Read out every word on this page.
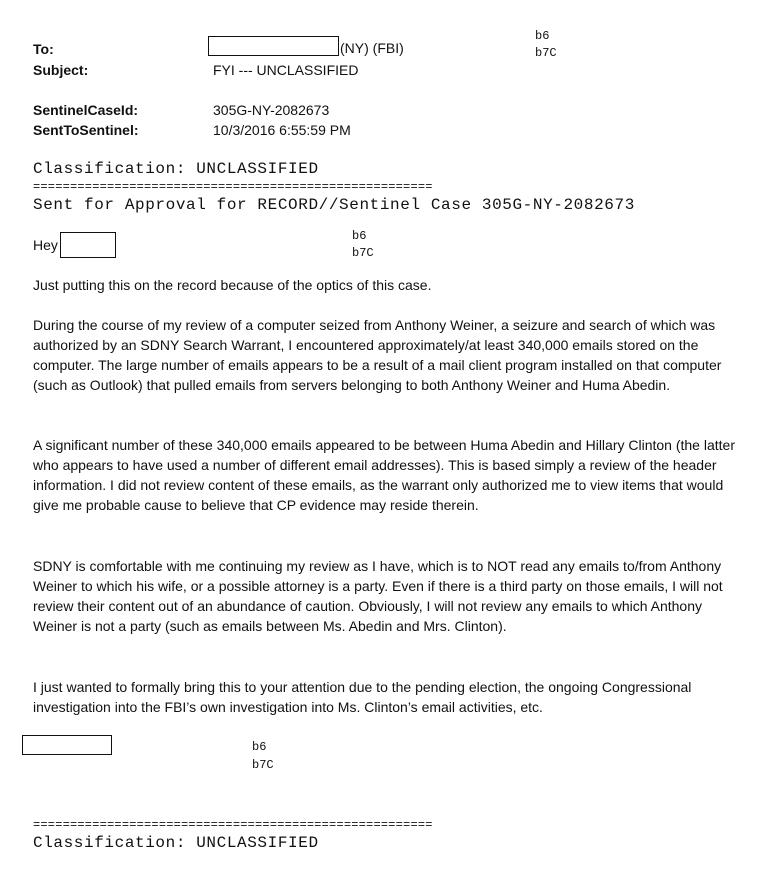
To:	(NY) (FBI)
b6
b7C
Subject:	FYI --- UNCLASSIFIED
SentinelCaseId:	305G-NY-2082673
SentToSentinel:	10/3/2016 6:55:59 PM
Classification: UNCLASSIFIED
======================================================
Sent for Approval for RECORD//Sentinel Case 305G-NY-2082673
Hey
b6
b7C

Just putting this on the record because of the optics of this case.

During the course of my review of a computer seized from Anthony Weiner, a seizure and search of which was authorized by an SDNY Search Warrant, I encountered approximately/at least 340,000 emails stored on the computer. The large number of emails appears to be a result of a mail client program installed on that computer (such as Outlook) that pulled emails from servers belonging to both Anthony Weiner and Huma Abedin.

A significant number of these 340,000 emails appeared to be between Huma Abedin and Hillary Clinton (the latter who appears to have used a number of different email addresses). This is based simply a review of the header information. I did not review content of these emails, as the warrant only authorized me to view items that would give me probable cause to believe that CP evidence may reside therein.

SDNY is comfortable with me continuing my review as I have, which is to NOT read any emails to/from Anthony Weiner to which his wife, or a possible attorney is a party. Even if there is a third party on those emails, I will not review their content out of an abundance of caution. Obviously, I will not review any emails to which Anthony Weiner is not a party (such as emails between Ms. Abedin and Mrs. Clinton).

I just wanted to formally bring this to your attention due to the pending election, the ongoing Congressional investigation into the FBI’s own investigation into Ms. Clinton’s email activities, etc.

b6
b7C
======================================================
Classification: UNCLASSIFIED
